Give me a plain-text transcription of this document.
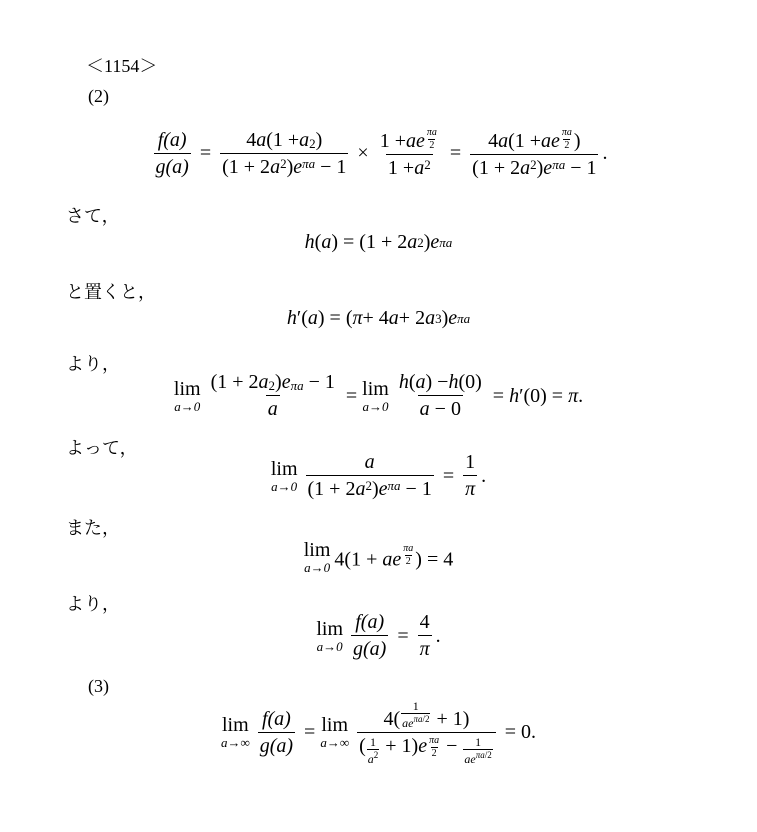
＜1154＞
(2)
$\frac{f(a)}{g(a)} = \frac{4 a (1 + a 2 )}{\text{(1 + 2 a 2 ) e πa − 1}} \times \frac{1 + ae \frac{\pi a}{2}}{1 + a 2} = \frac{4 a (1 + ae \frac{\pi a}{2} )}{\text{(1 + 2 a 2 ) e πa − 1}}$ .
さて，
h ( a ) = (1 + 2 a 2 ) e πa
と置くと，
h ′( a ) = ( π + 4 a + 2 a 3 ) e πa
より，
lim
$a\to 0 \frac{\text{(1 + 2 a 2 ) e πa − 1}}{a} = \lim$
$a\to 0 \frac{h ( a ) - h (0)}{a - 0} = h'(0) = \pi$.
よって，
lim
$a\to 0 \frac{a}{\text{(1 + 2 a 2 ) e πa − 1}} = \frac{1}{\pi}$ .
また，
lim
a→0 4(1 + ae $^{\frac{\pi a}{2}}$ ) = 4
より，
lim
$a\to 0 \frac{f(a)}{g(a)} = \frac{4}{\pi}$ .
(3)
lim
$a\to\infty \frac{f(a)}{g(a)} = \lim$
a→∞ 4(
1
$ae^{\pi a/2} + 1$)
( 1
$a^2 + 1$) e $\frac{\pi a}{2} - 1$
$ae^{\pi a/2} = 0$.
